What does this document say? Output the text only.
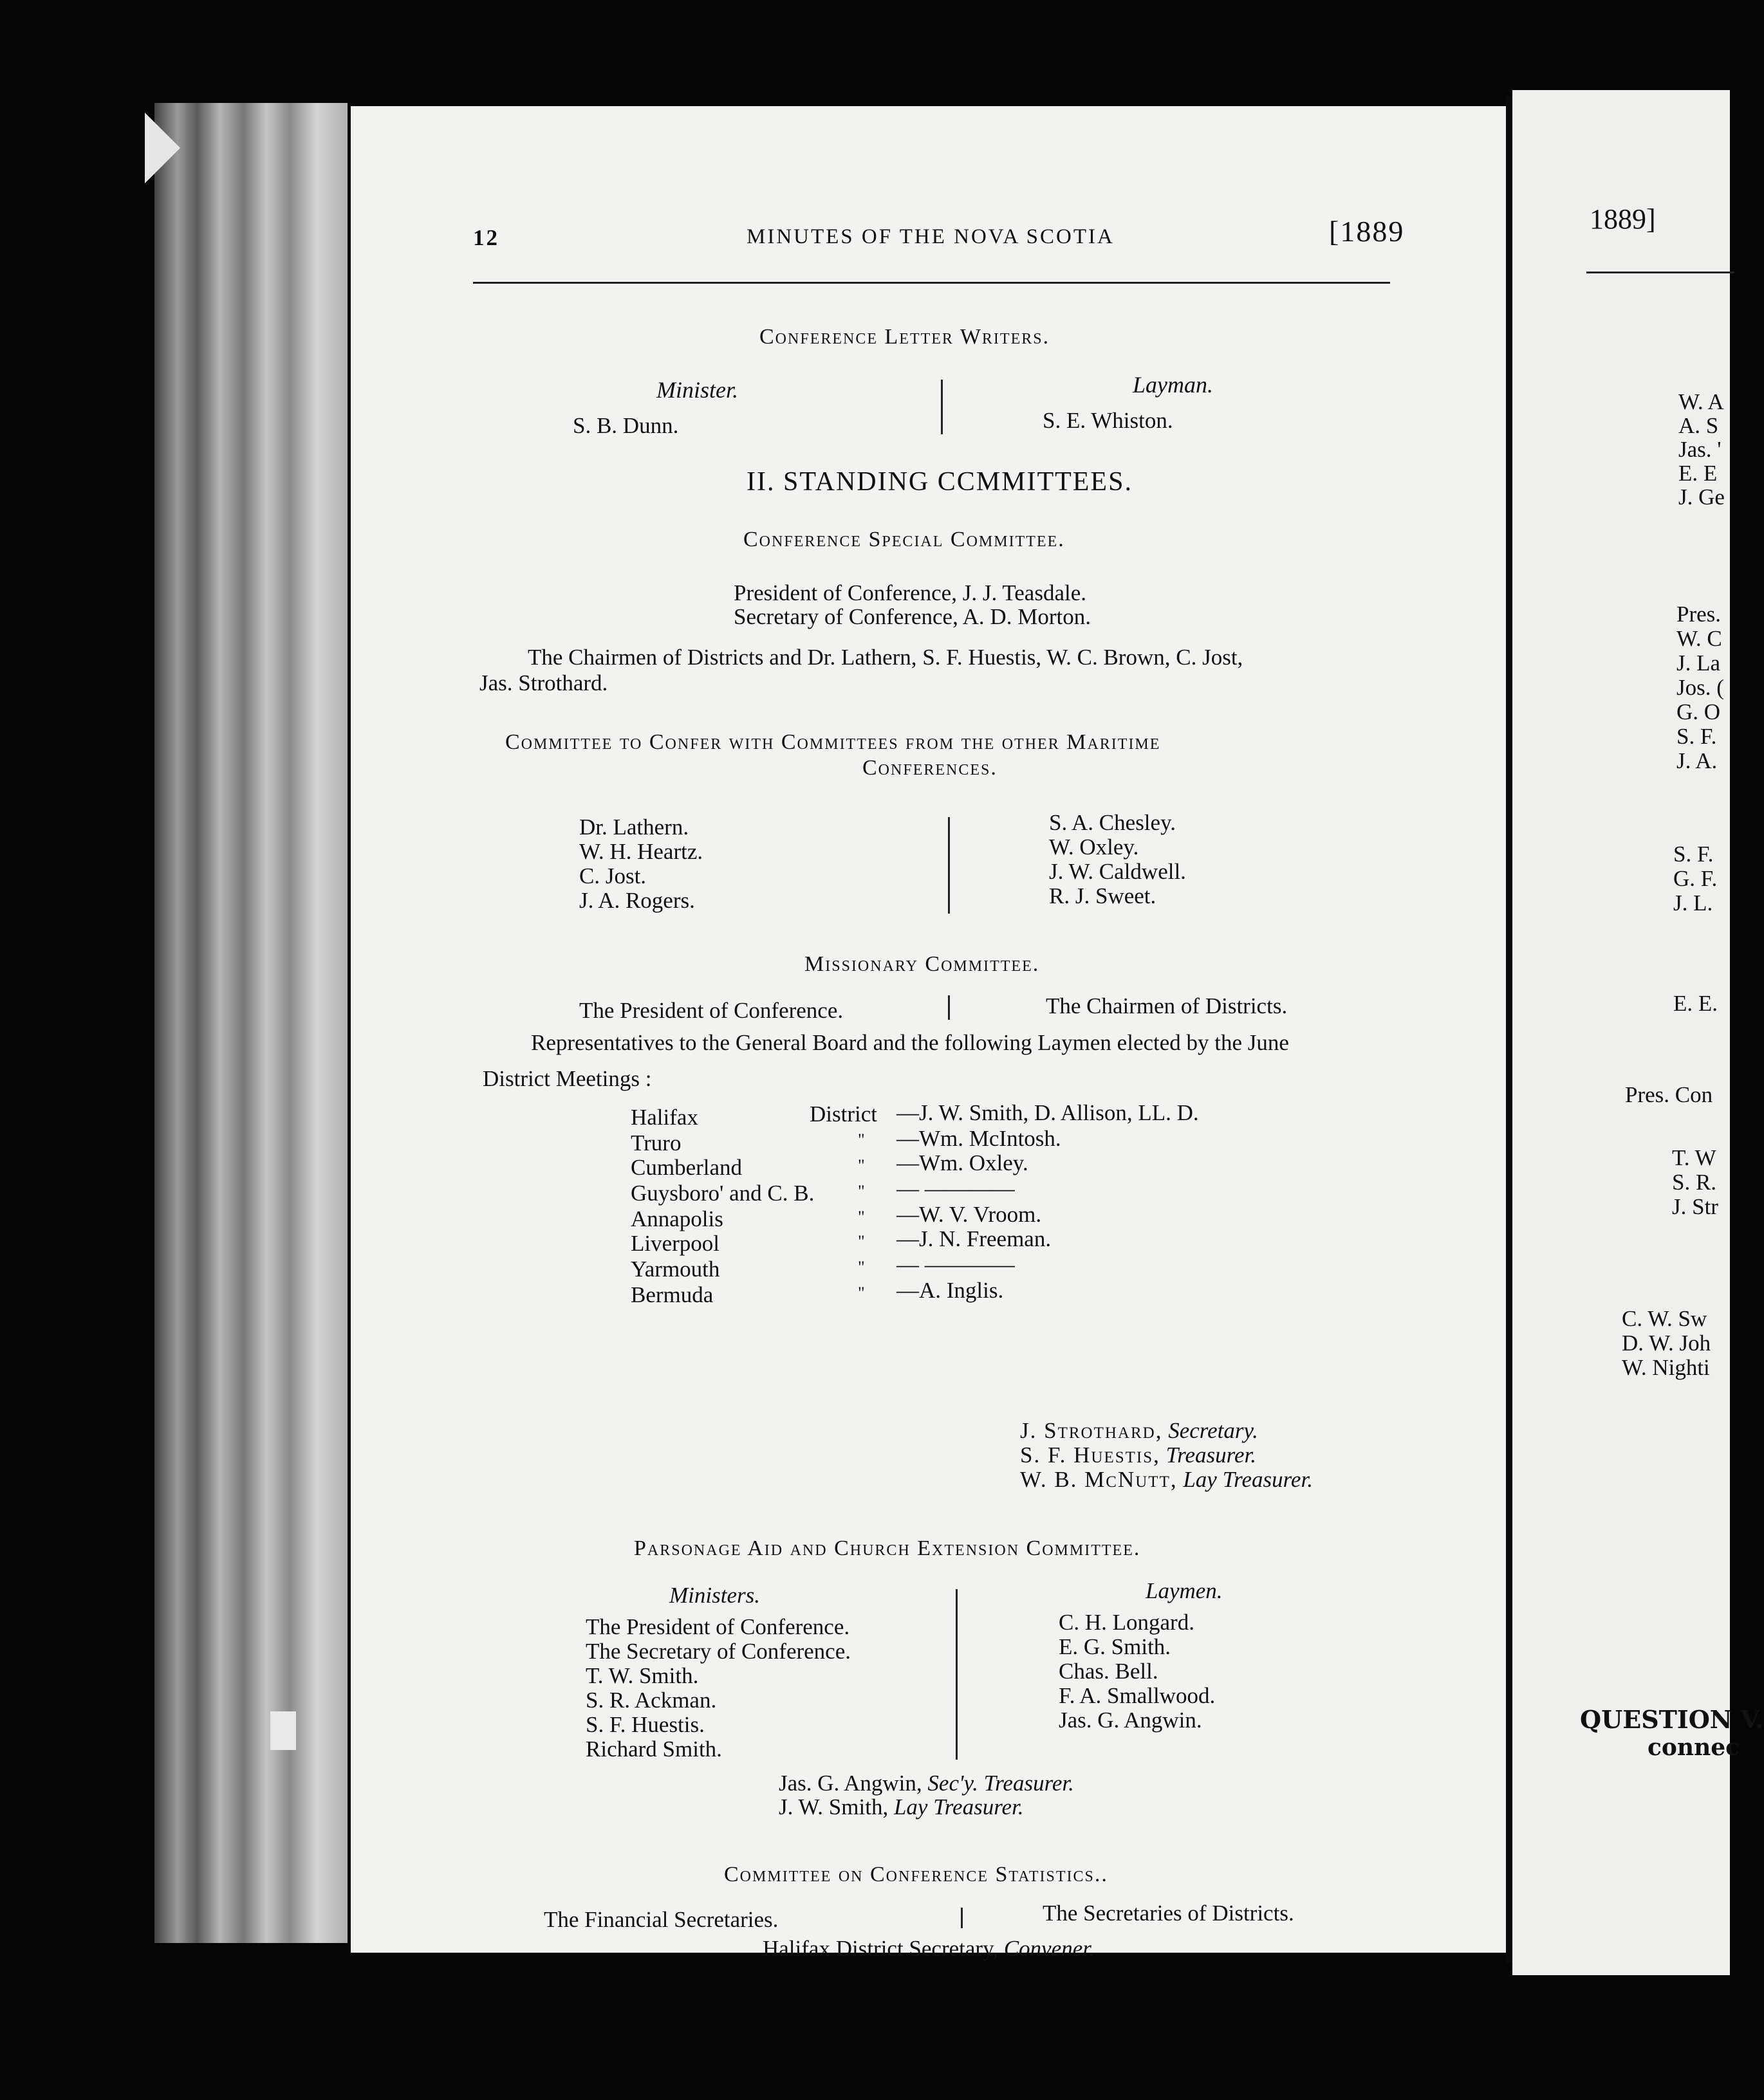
12	MINUTES OF THE NOVA SCOTIA	[1889
Conference Letter Writers.
Minister.	Layman.
S. B. Dunn.	S. E. Whiston.
II. STANDING CCMMITTEES.
Conference Special Committee.
President of Conference, J. J. Teasdale.
Secretary of Conference, A. D. Morton.
The Chairmen of Districts and Dr. Lathern, S. F. Huestis, W. C. Brown, C. Jost,
Jas. Strothard.
Committee to Confer with Committees from the other Maritime
Conferences.
Dr. Lathern.
W. H. Heartz.
C. Jost.
J. A. Rogers.
S. A. Chesley.
W. Oxley.
J. W. Caldwell.
R. J. Sweet.
Missionary Committee.
The President of Conference.	The Chairmen of Districts.
Representatives to the General Board and the following Laymen elected by the June
District Meetings :
Halifax	District —J. W. Smith, D. Allison, LL. D.
Truro	" —Wm. McIntosh.
Cumberland	" —Wm. Oxley.
Guysboro' and C. B.	" — ————
Annapolis	" —W. V. Vroom.
Liverpool	" —J. N. Freeman.
Yarmouth	" — ————
Bermuda	" —A. Inglis.
J. Strothard, Secretary.
S. F. Huestis, Treasurer.
W. B. McNutt, Lay Treasurer.
Parsonage Aid and Church Extension Committee.
Ministers.	Laymen.
The President of Conference.
The Secretary of Conference.
T. W. Smith.
S. R. Ackman.
S. F. Huestis.
Richard Smith.
C. H. Longard.
E. G. Smith.
Chas. Bell.
F. A. Smallwood.
Jas. G. Angwin.
Jas. G. Angwin, Sec'y. Treasurer.
J. W. Smith, Lay Treasurer.
Committee on Conference Statistics..
The Financial Secretaries.	The Secretaries of Districts.
Halifax District Secretary, Convener.
1889]
W. A
A. S
Jas. '
E. E
J. Ge
Pres.
W. C
J. La
Jos. (
G. O
S. F.
J. A.
S. F.
G. F.
J. L.
E. E.
Pres. Con
T. W
S. R.
J. Str
C. W. Sw
D. W. Joh
W. Nighti
QUESTION V.
connec
